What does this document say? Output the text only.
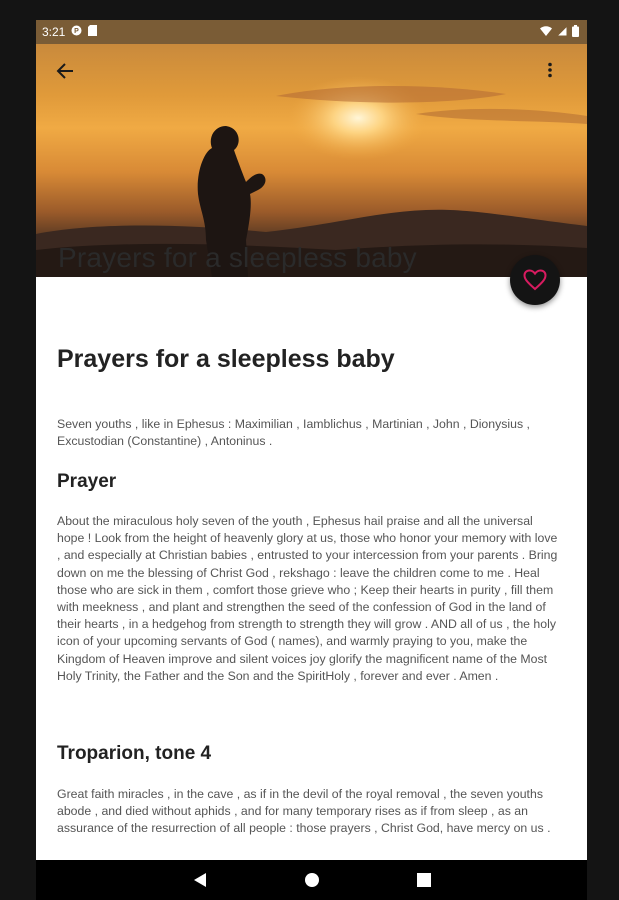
3:21 P
Prayers for a sleepless baby
Prayers for a sleepless baby

Seven youths , like in Ephesus : Maximilian , Iamblichus , Martinian , John , Dionysius , Excustodian (Constantine) , Antoninus .

Prayer

About the miraculous holy seven of the youth , Ephesus hail praise and all the universal hope ! Look from the height of heavenly glory at us, those who honor your memory with love , and especially at Christian babies , entrusted to your intercession from your parents . Bring down on me the blessing of Christ God , rekshago : leave the children come to me . Heal those who are sick in them , comfort those grieve who ; Keep their hearts in purity , fill them with meekness , and plant and strengthen the seed of the confession of God in the land of their hearts , in a hedgehog from strength to strength they will grow . AND all of us , the holy icon of your upcoming servants of God ( names), and warmly praying to you, make the Kingdom of Heaven improve and silent voices joy glorify the magnificent name of the Most Holy Trinity, the Father and the Son and the SpiritHoly , forever and ever . Amen .

Troparion, tone 4

Great faith miracles , in the cave , as if in the devil of the royal removal , the seven youths abode , and died without aphids , and for many temporary rises as if from sleep , as an assurance of the resurrection of all people : those prayers , Christ God, have mercy on us .
